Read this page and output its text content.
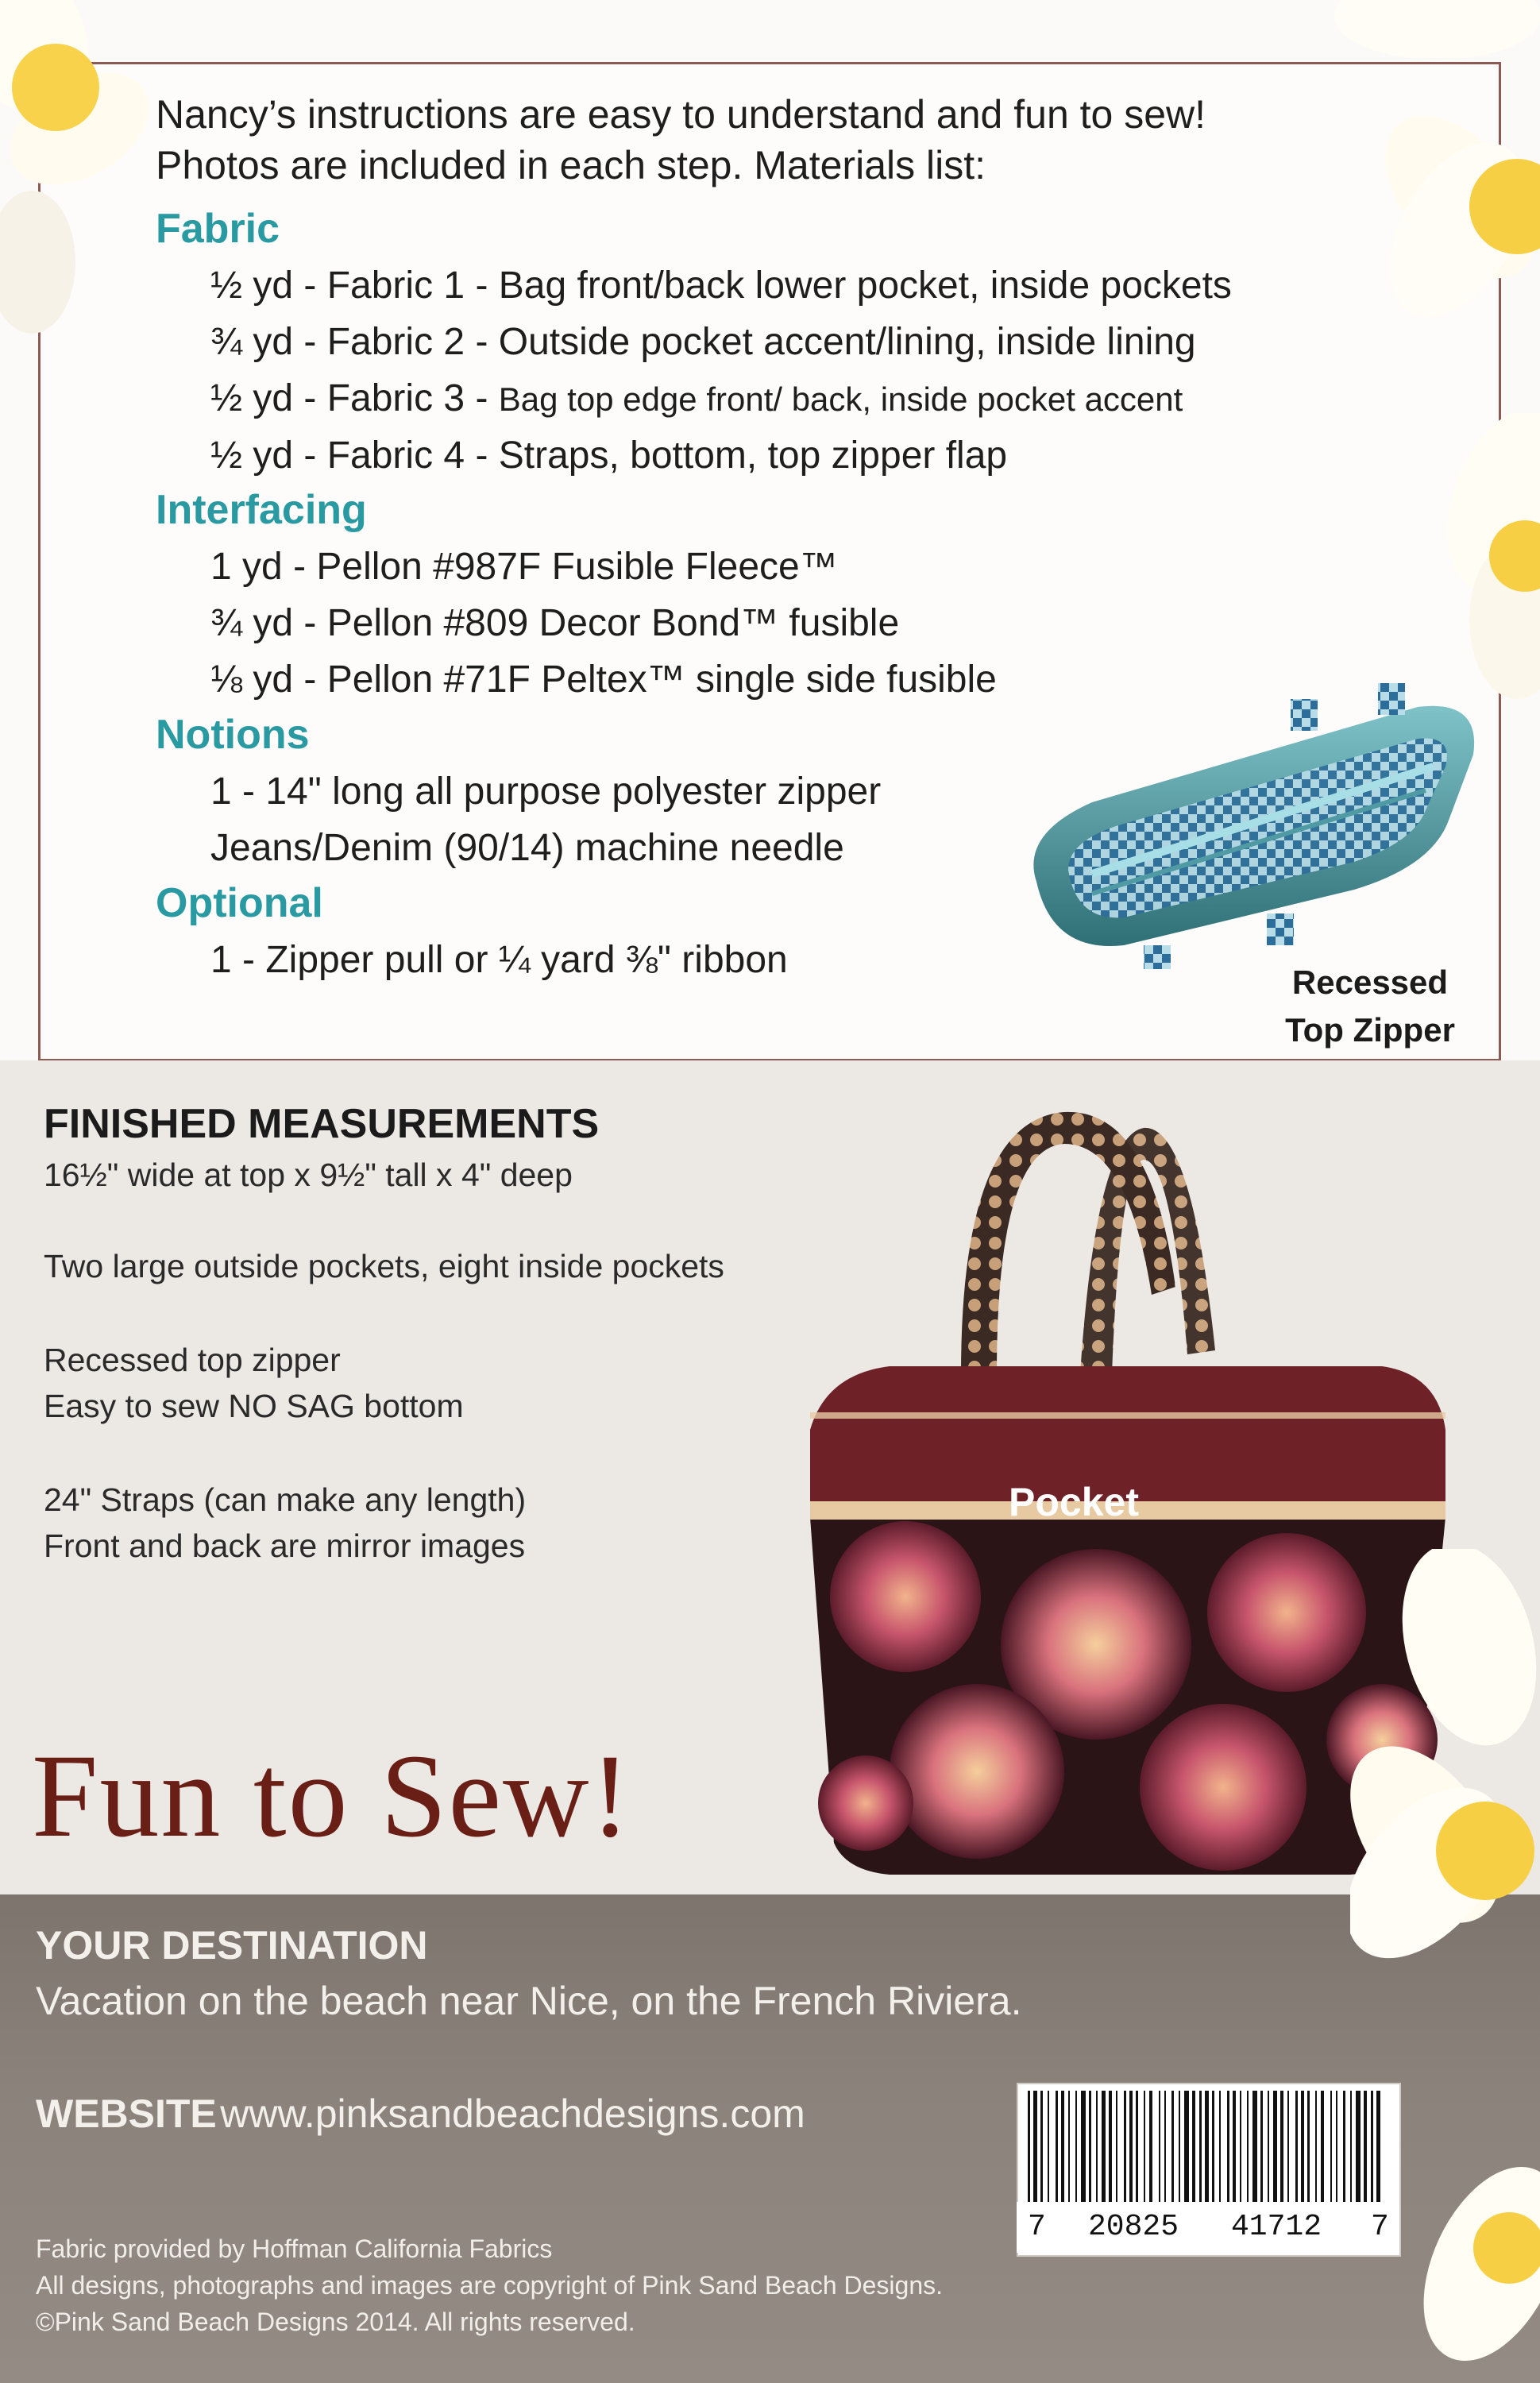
Nancy’s instructions are easy to understand and fun to sew!
Photos are included in each step. Materials list:
Fabric
½ yd - Fabric 1 - Bag front/back lower pocket, inside pockets
¾ yd - Fabric 2 - Outside pocket accent/lining, inside lining
½ yd - Fabric 3 - Bag top edge front/ back, inside pocket accent
½ yd - Fabric 4 - Straps, bottom, top zipper flap
Interfacing
1 yd - Pellon #987F Fusible Fleece™
¾ yd - Pellon #809 Decor Bond™ fusible
⅛ yd - Pellon #71F Peltex™ single side fusible
Notions
1 - 14" long all purpose polyester zipper
Jeans/Denim (90/14) machine needle
Optional
1 - Zipper pull or ¼ yard ⅜" ribbon
Recessed
Top Zipper
FINISHED MEASUREMENTS
16½" wide at top x 9½" tall x 4" deep
Two large outside pockets, eight inside pockets
Recessed top zipper
Easy to sew NO SAG bottom
24" Straps (can make any length)
Front and back are mirror images
Pocket
Fun to Sew!
YOUR DESTINATION
Vacation on the beach near Nice, on the French Riviera.
WEBSITE www.pinksandbeachdesigns.com
Fabric provided by Hoffman California Fabrics
All designs, photographs and images are copyright of Pink Sand Beach Designs.
©Pink Sand Beach Designs 2014. All rights reserved.
7 20825 41712 7
